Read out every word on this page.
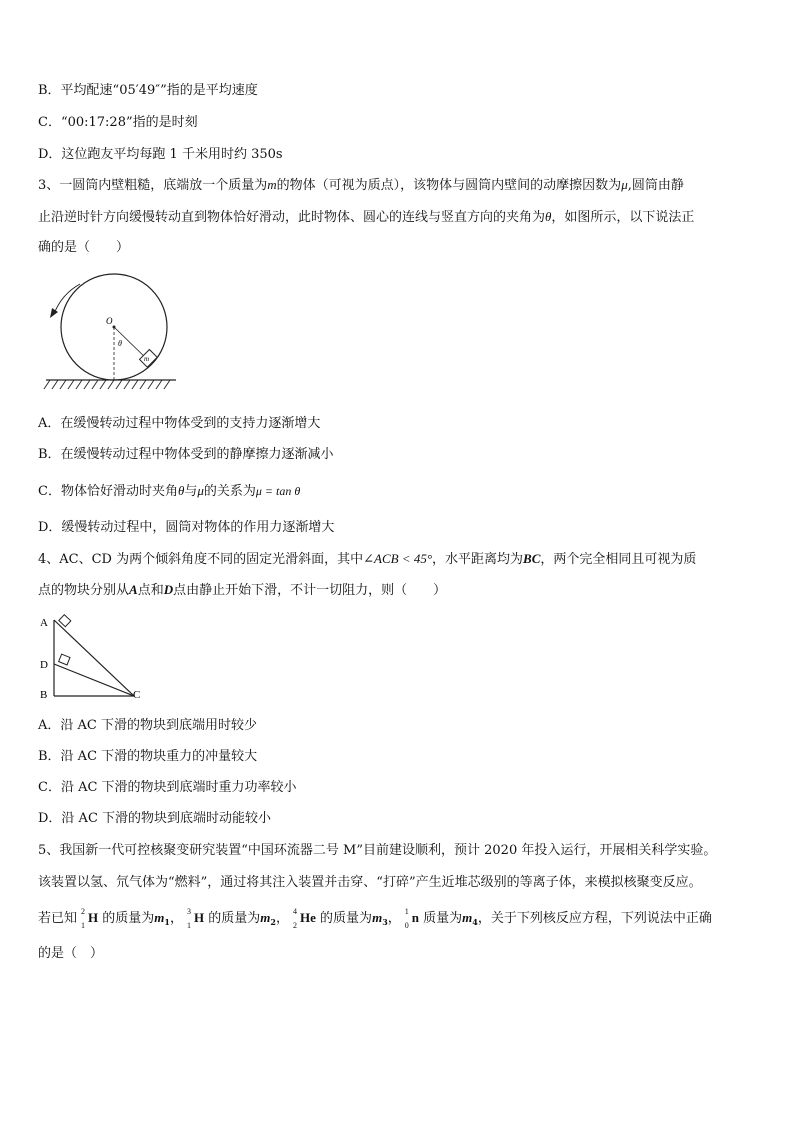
B．平均配速“05′49″”指的是平均速度
C．“00:17:28”指的是时刻
D．这位跑友平均每跑 1 千米用时约 350s
3、一圆筒内壁粗糙，底端放一个质量为m的物体（可视为质点），该物体与圆筒内壁间的动摩擦因数为μ,圆筒由静
止沿逆时针方向缓慢转动直到物体恰好滑动，此时物体、圆心的连线与竖直方向的夹角为θ，如图所示，以下说法正
确的是（　　）
O
θ
m
A．在缓慢转动过程中物体受到的支持力逐渐增大
B．在缓慢转动过程中物体受到的静摩擦力逐渐减小
C．物体恰好滑动时夹角θ与μ的关系为μ = tan θ
D．缓慢转动过程中，圆筒对物体的作用力逐渐增大
4、AC、CD 为两个倾斜角度不同的固定光滑斜面，其中∠ACB < 45°，水平距离均为BC，两个完全相同且可视为质
点的物块分别从A点和D点由静止开始下滑，不计一切阻力，则（　　）
A
D
B	C
A．沿 AC 下滑的物块到底端用时较少
B．沿 AC 下滑的物块重力的冲量较大
C．沿 AC 下滑的物块到底端时重力功率较小
D．沿 AC 下滑的物块到底端时动能较小
5、我国新一代可控核聚变研究装置“中国环流器二号 M”目前建设顺利，预计 2020 年投入运行，开展相关科学实验。
该装置以氢、氘气体为“燃料”，通过将其注入装置并击穿、“打碎”产生近堆芯级别的等离子体，来模拟核聚变反应。
若已知 2
1
H 的质量为$m_1$， 3
1
H 的质量为$m_2$， 4
2
He 的质量为$m_3$， 1
0
n 质量为$m_4$，关于下列核反应方程，下列说法中正确
的是（　）
